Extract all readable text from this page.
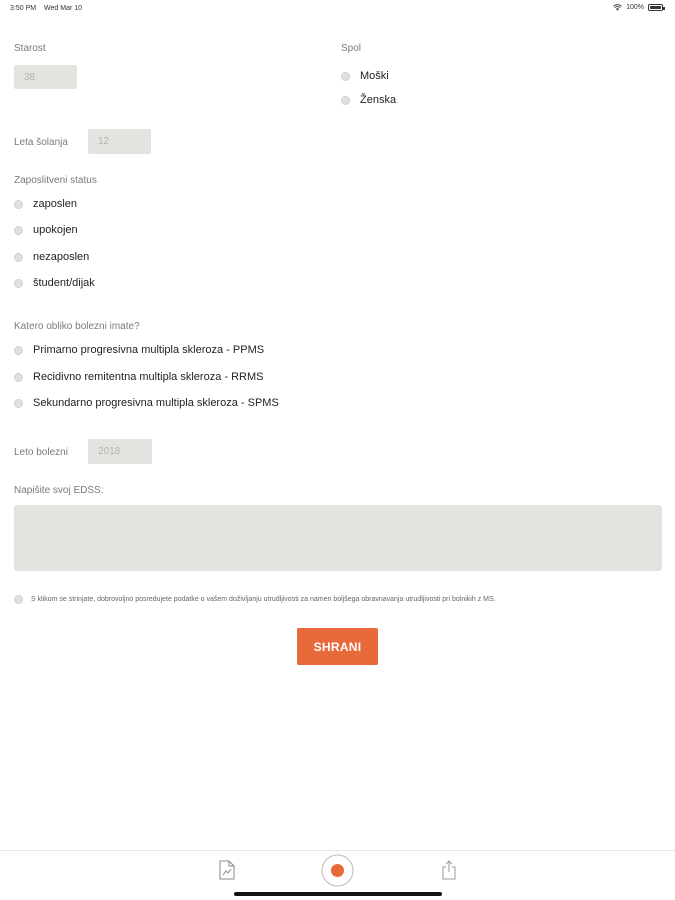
3:50 PM Wed Mar 10	100%
Starost
38
Spol
Moški
Ženska
Leta šolanja	12
Zaposlitveni status
zaposlen
upokojen
nezaposlen
študent/dijak
Katero obliko bolezni imate?
Primarno progresivna multipla skleroza - PPMS
Recidivno remitentna multipla skleroza - RRMS
Sekundarno progresivna multipla skleroza - SPMS
Leto bolezni	2018
Napišite svoj EDSS:
S klikom se strinjate, dobrovoljno posredujete podatke o vašem doživljanju utrudljivosti za namen boljšega obravnavanja utrudljivosti pri bolnikih z MS.
SHRANI
